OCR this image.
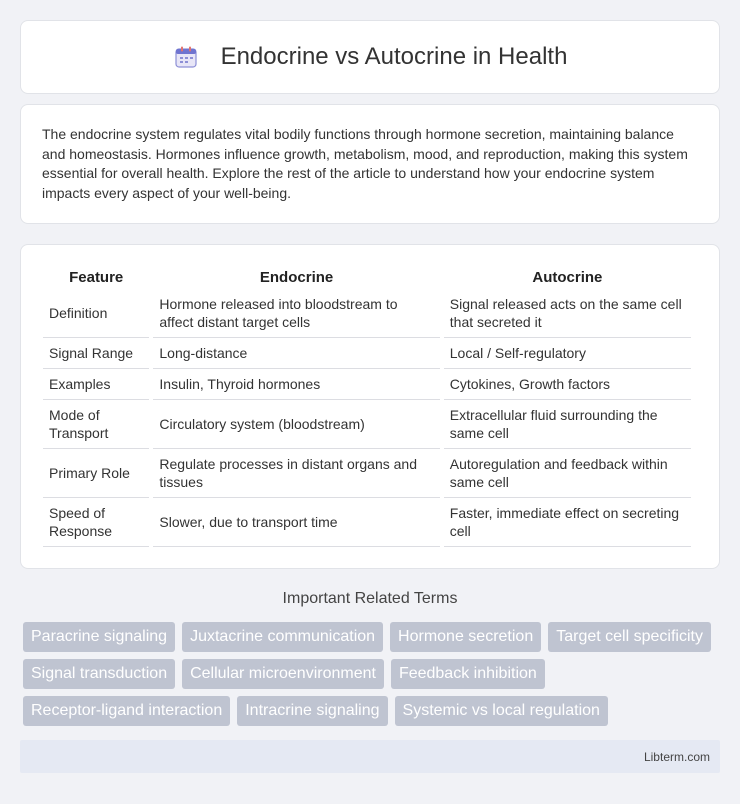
Endocrine vs Autocrine in Health

The endocrine system regulates vital bodily functions through hormone secretion, maintaining balance and homeostasis. Hormones influence growth, metabolism, mood, and reproduction, making this system essential for overall health. Explore the rest of the article to understand how your endocrine system impacts every aspect of your well-being.

Feature	Endocrine	Autocrine
Definition	Hormone released into bloodstream to affect distant target cells	Signal released acts on the same cell that secreted it
Signal Range	Long-distance	Local / Self-regulatory
Examples	Insulin, Thyroid hormones	Cytokines, Growth factors
Mode of Transport	Circulatory system (bloodstream)	Extracellular fluid surrounding the same cell
Primary Role	Regulate processes in distant organs and tissues	Autoregulation and feedback within same cell
Speed of Response	Slower, due to transport time	Faster, immediate effect on secreting cell
Important Related Terms
Paracrine signaling	Juxtacrine communication	Hormone secretion	Target cell specificity
Signal transduction	Cellular microenvironment	Feedback inhibition
Receptor-ligand interaction	Intracrine signaling	Systemic vs local regulation
Libterm.com
